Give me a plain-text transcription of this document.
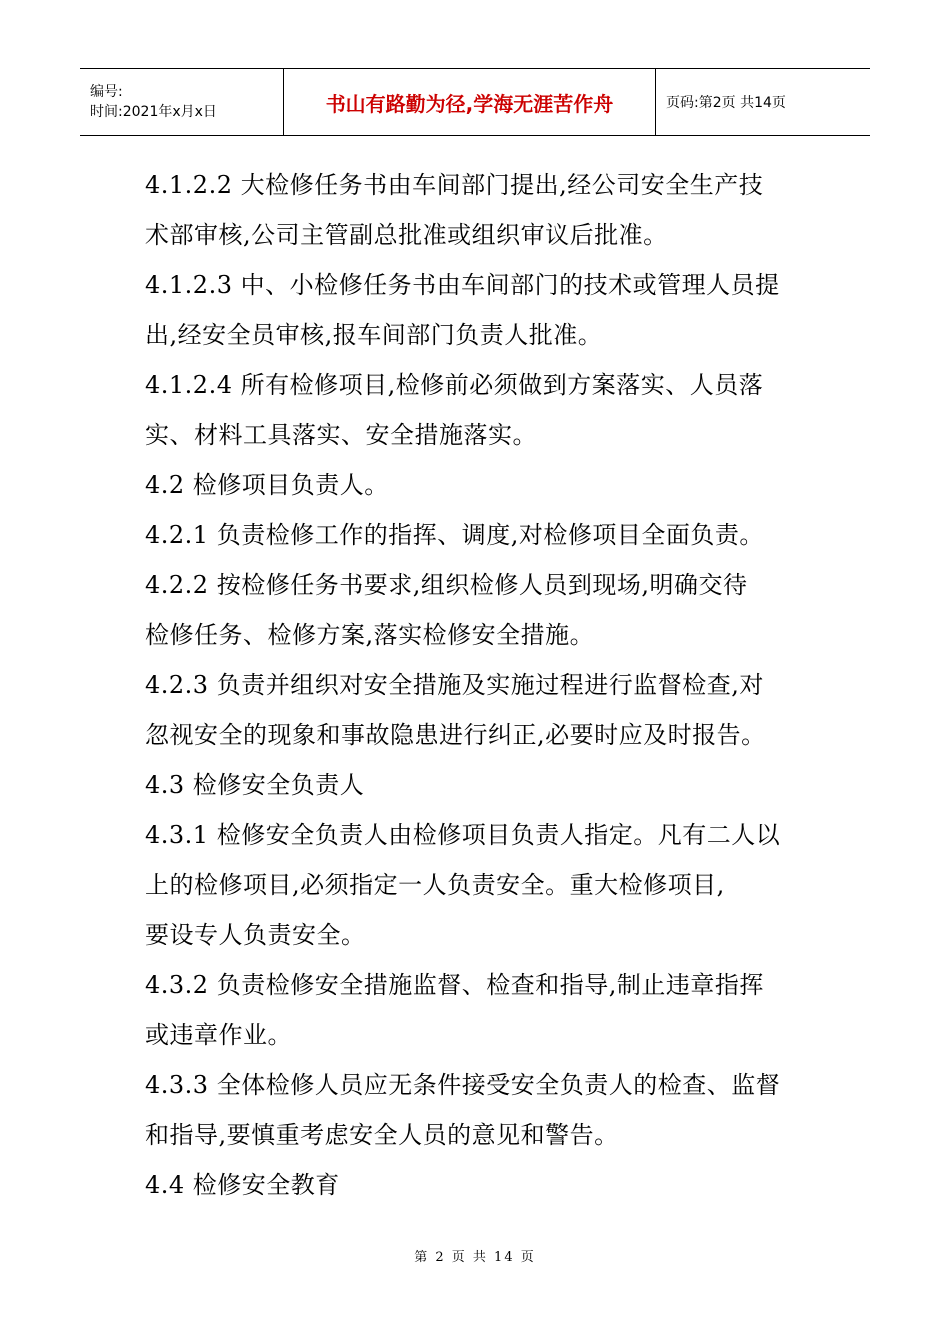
编号:
时间:2021年x月x日	书山有路勤为径,学海无涯苦作舟	页码:第2页 共14页

4.1.2.2 大检修任务书由车间部门提出,经公司安全生产技

术部审核,公司主管副总批准或组织审议后批准。

4.1.2.3 中、小检修任务书由车间部门的技术或管理人员提

出,经安全员审核,报车间部门负责人批准。

4.1.2.4 所有检修项目,检修前必须做到方案落实、人员落

实、材料工具落实、安全措施落实。

4.2 检修项目负责人。

4.2.1 负责检修工作的指挥、调度,对检修项目全面负责。

4.2.2 按检修任务书要求,组织检修人员到现场,明确交待

检修任务、检修方案,落实检修安全措施。

4.2.3 负责并组织对安全措施及实施过程进行监督检查,对

忽视安全的现象和事故隐患进行纠正,必要时应及时报告。

4.3 检修安全负责人

4.3.1 检修安全负责人由检修项目负责人指定。凡有二人以

上的检修项目,必须指定一人负责安全。重大检修项目,

要设专人负责安全。

4.3.2 负责检修安全措施监督、检查和指导,制止违章指挥

或违章作业。

4.3.3 全体检修人员应无条件接受安全负责人的检查、监督

和指导,要慎重考虑安全人员的意见和警告。

4.4 检修安全教育

第 2 页 共 14 页
